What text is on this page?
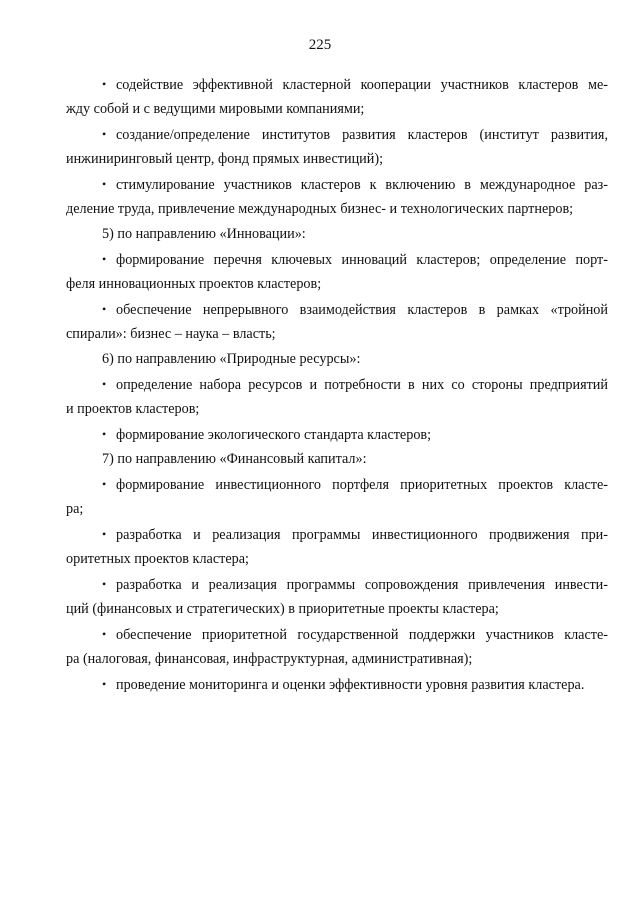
225
• содействие эффективной кластерной кооперации участников кластеров ме-
жду собой и с ведущими мировыми компаниями;
• создание/определение институтов развития кластеров (институт развития,
инжиниринговый центр, фонд прямых инвестиций);
• стимулирование участников кластеров к включению в международное раз-
деление труда, привлечение международных бизнес- и технологических партнеров;
5) по направлению «Инновации»:
• формирование перечня ключевых инноваций кластеров; определение порт-
феля инновационных проектов кластеров;
• обеспечение непрерывного взаимодействия кластеров в рамках «тройной
спирали»: бизнес – наука – власть;
6) по направлению «Природные ресурсы»:
• определение набора ресурсов и потребности в них со стороны предприятий
и проектов кластеров;
• формирование экологического стандарта кластеров;
7) по направлению «Финансовый капитал»:
• формирование инвестиционного портфеля приоритетных проектов класте-
ра;
• разработка и реализация программы инвестиционного продвижения при-
оритетных проектов кластера;
• разработка и реализация программы сопровождения привлечения инвести-
ций (финансовых и стратегических) в приоритетные проекты кластера;
• обеспечение приоритетной государственной поддержки участников класте-
ра (налоговая, финансовая, инфраструктурная, административная);
• проведение мониторинга и оценки эффективности уровня развития кластера.
